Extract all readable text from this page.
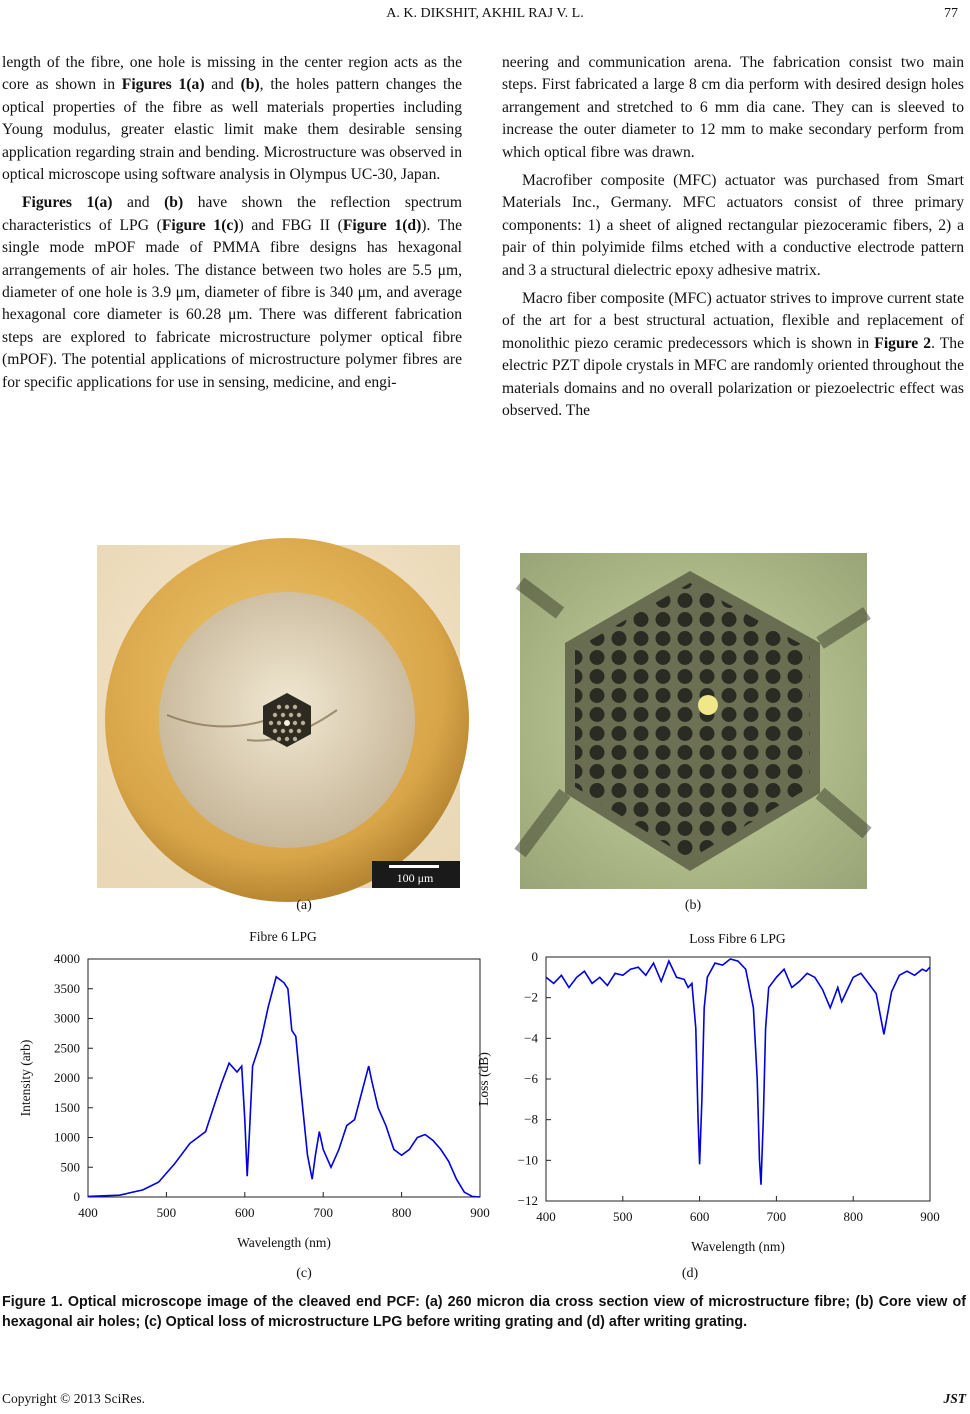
A. K. DIKSHIT, AKHIL RAJ V. L.	77

length of the fibre, one hole is missing in the center region acts as the core as shown in Figures 1(a) and (b), the holes pattern changes the optical properties of the fibre as well materials properties including Young modulus, greater elastic limit make them desirable sensing application regarding strain and bending. Microstructure was observed in optical microscope using software analysis in Olympus UC-30, Japan.

Figures 1(a) and (b) have shown the reflection spectrum characteristics of LPG (Figure 1(c)) and FBG II (Figure 1(d)). The single mode mPOF made of PMMA fibre designs has hexagonal arrangements of air holes. The distance between two holes are 5.5 μm, diameter of one hole is 3.9 μm, diameter of fibre is 340 μm, and average hexagonal core diameter is 60.28 μm. There was different fabrication steps are explored to fabricate microstructure polymer optical fibre (mPOF). The potential applications of microstructure polymer fibres are for specific applications for use in sensing, medicine, and engi-

neering and communication arena. The fabrication consist two main steps. First fabricated a large 8 cm dia perform with desired design holes arrangement and stretched to 6 mm dia cane. They can is sleeved to increase the outer diameter to 12 mm to make secondary perform from which optical fibre was drawn.

Macrofiber composite (MFC) actuator was purchased from Smart Materials Inc., Germany. MFC actuators consist of three primary components: 1) a sheet of aligned rectangular piezoceramic fibers, 2) a pair of thin polyimide films etched with a conductive electrode pattern and 3 a structural dielectric epoxy adhesive matrix.

Macro fiber composite (MFC) actuator strives to improve current state of the art for a best structural actuation, flexible and replacement of monolithic piezo ceramic predecessors which is shown in Figure 2. The electric PZT dipole crystals in MFC are randomly oriented throughout the materials domains and no overall polarization or piezoelectric effect was observed. The

100 μm
(a)	(b)
Fibre 6 LPG
400	500	600	700	800	900
0
500
1000
1500
2000
2500
3000
3500
4000
Wavelength (nm)
Intensity (arb)
(c)
Loss Fibre 6 LPG
400	500	600	700	800	900
0
−2
−4
−6
−8
−10
−12
Wavelength (nm)
Loss (dB)
(d)
Figure 1. Optical microscope image of the cleaved end PCF: (a) 260 micron dia cross section view of microstructure fibre; (b) Core view of hexagonal air holes; (c) Optical loss of microstructure LPG before writing grating and (d) after writing grating.
Copyright © 2013 SciRes.	JST
